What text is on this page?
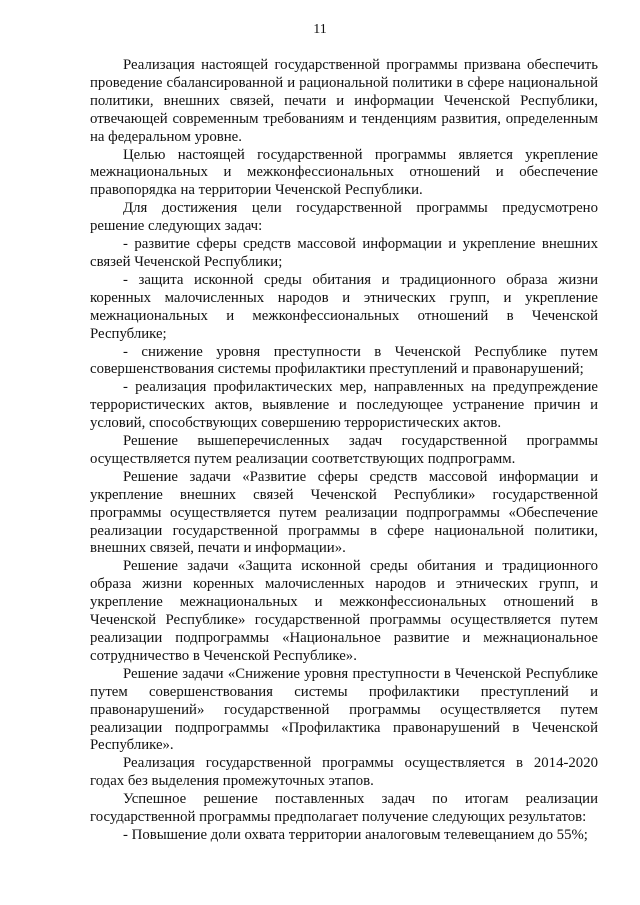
11

Реализация настоящей государственной программы призвана обеспечить проведение сбалансированной и рациональной политики в сфере национальной политики, внешних связей, печати и информации Чеченской Республики, отвечающей современным требованиям и тенденциям развития, определенным на федеральном уровне.

Целью настоящей государственной программы является укрепление межнациональных и межконфессиональных отношений и обеспечение правопорядка на территории Чеченской Республики.

Для достижения цели государственной программы предусмотрено решение следующих задач:

- развитие сферы средств массовой информации и укрепление внешних связей Чеченской Республики;

- защита исконной среды обитания и традиционного образа жизни коренных малочисленных народов и этнических групп, и укрепление межнациональных и межконфессиональных отношений в Чеченской Республике;

- снижение уровня преступности в Чеченской Республике путем совершенствования системы профилактики преступлений и правонарушений;

- реализация профилактических мер, направленных на предупреждение террористических актов, выявление и последующее устранение причин и условий, способствующих совершению террористических актов.

Решение вышеперечисленных задач государственной программы осуществляется путем реализации соответствующих подпрограмм.

Решение задачи «Развитие сферы средств массовой информации и укрепление внешних связей Чеченской Республики» государственной программы осуществляется путем реализации подпрограммы «Обеспечение реализации государственной программы в сфере национальной политики, внешних связей, печати и информации».

Решение задачи «Защита исконной среды обитания и традиционного образа жизни коренных малочисленных народов и этнических групп, и укрепление межнациональных и межконфессиональных отношений в Чеченской Республике» государственной программы осуществляется путем реализации подпрограммы «Национальное развитие и межнациональное сотрудничество в Чеченской Республике».

Решение задачи «Снижение уровня преступности в Чеченской Республике путем совершенствования системы профилактики преступлений и правонарушений» государственной программы осуществляется путем реализации подпрограммы «Профилактика правонарушений в Чеченской Республике».

Реализация государственной программы осуществляется в 2014-2020 годах без выделения промежуточных этапов.

Успешное решение поставленных задач по итогам реализации государственной программы предполагает получение следующих результатов:

- Повышение доли охвата территории аналоговым телевещанием до 55%;
